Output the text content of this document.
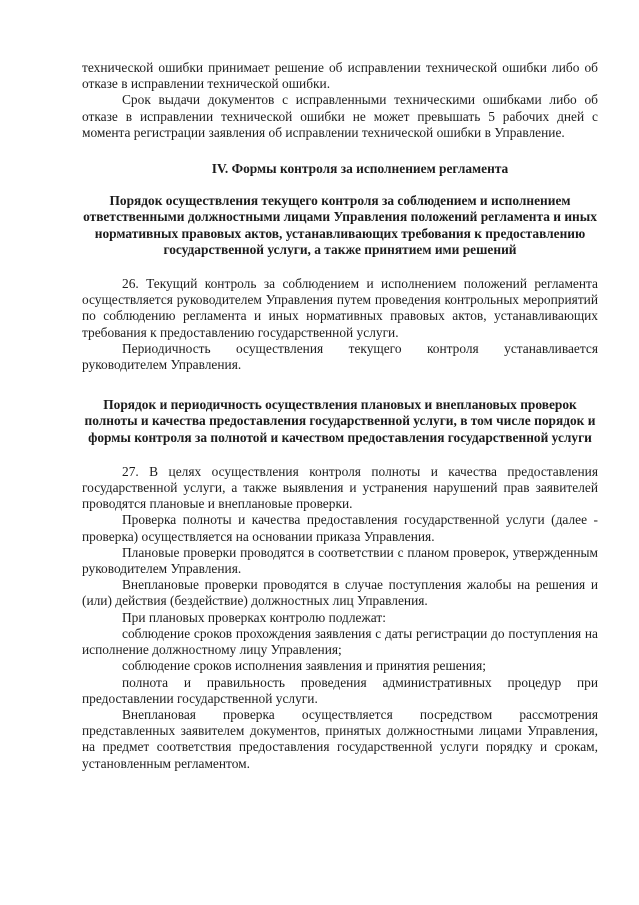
технической ошибки принимает решение об исправлении технической ошибки либо об отказе в исправлении технической ошибки.

Срок выдачи документов с исправленными техническими ошибками либо об отказе в исправлении технической ошибки не может превышать 5 рабочих дней с момента регистрации заявления об исправлении технической ошибки в Управление.

IV. Формы контроля за исполнением регламента
Порядок осуществления текущего контроля за соблюдением и исполнением ответственными должностными лицами Управления положений регламента и иных нормативных правовых актов, устанавливающих требования к предоставлению государственной услуги, а также принятием ими решений

26. Текущий контроль за соблюдением и исполнением положений регламента осуществляется руководителем Управления путем проведения контрольных мероприятий по соблюдению регламента и иных нормативных правовых актов, устанавливающих требования к предоставлению государственной услуги.

Периодичность осуществления текущего контроля устанавливается руководителем Управления.

Порядок и периодичность осуществления плановых и внеплановых проверок полноты и качества предоставления государственной услуги, в том числе порядок и формы контроля за полнотой и качеством предоставления государственной услуги

27. В целях осуществления контроля полноты и качества предоставления государственной услуги, а также выявления и устранения нарушений прав заявителей проводятся плановые и внеплановые проверки.

Проверка полноты и качества предоставления государственной услуги (далее - проверка) осуществляется на основании приказа Управления.

Плановые проверки проводятся в соответствии с планом проверок, утвержденным руководителем Управления.

Внеплановые проверки проводятся в случае поступления жалобы на решения и (или) действия (бездействие) должностных лиц Управления.

При плановых проверках контролю подлежат:

соблюдение сроков прохождения заявления с даты регистрации до поступления на исполнение должностному лицу Управления;

соблюдение сроков исполнения заявления и принятия решения;

полнота и правильность проведения административных процедур при предоставлении государственной услуги.

Внеплановая проверка осуществляется посредством рассмотрения представленных заявителем документов, принятых должностными лицами Управления, на предмет соответствия предоставления государственной услуги порядку и срокам, установленным регламентом.
